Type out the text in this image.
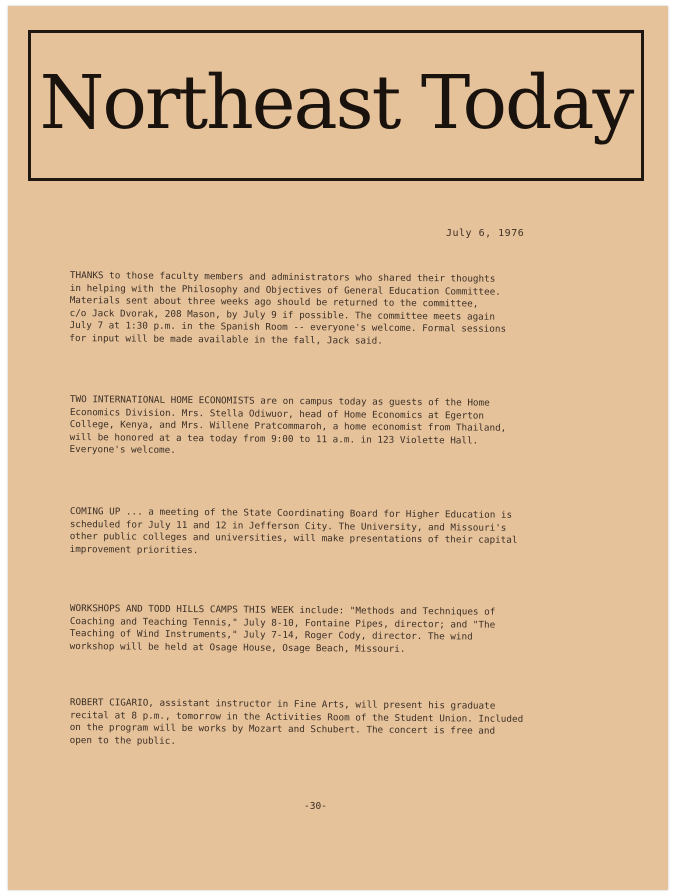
Northeast Today
July 6, 1976
THANKS to those faculty members and administrators who shared their thoughts
in helping with the Philosophy and Objectives of General Education Committee.
Materials sent about three weeks ago should be returned to the committee,
c/o Jack Dvorak, 208 Mason, by July 9 if possible. The committee meets again
July 7 at 1:30 p.m. in the Spanish Room -- everyone's welcome. Formal sessions
for input will be made available in the fall, Jack said.
TWO INTERNATIONAL HOME ECONOMISTS are on campus today as guests of the Home
Economics Division. Mrs. Stella Odiwuor, head of Home Economics at Egerton
College, Kenya, and Mrs. Willene Pratcommaroh, a home economist from Thailand,
will be honored at a tea today from 9:00 to 11 a.m. in 123 Violette Hall.
Everyone's welcome.
COMING UP ... a meeting of the State Coordinating Board for Higher Education is
scheduled for July 11 and 12 in Jefferson City. The University, and Missouri's
other public colleges and universities, will make presentations of their capital
improvement priorities.
WORKSHOPS AND TODD HILLS CAMPS THIS WEEK include: "Methods and Techniques of
Coaching and Teaching Tennis," July 8-10, Fontaine Pipes, director; and "The
Teaching of Wind Instruments," July 7-14, Roger Cody, director. The wind
workshop will be held at Osage House, Osage Beach, Missouri.
ROBERT CIGARIO, assistant instructor in Fine Arts, will present his graduate
recital at 8 p.m., tomorrow in the Activities Room of the Student Union. Included
on the program will be works by Mozart and Schubert. The concert is free and
open to the public.
-30-
